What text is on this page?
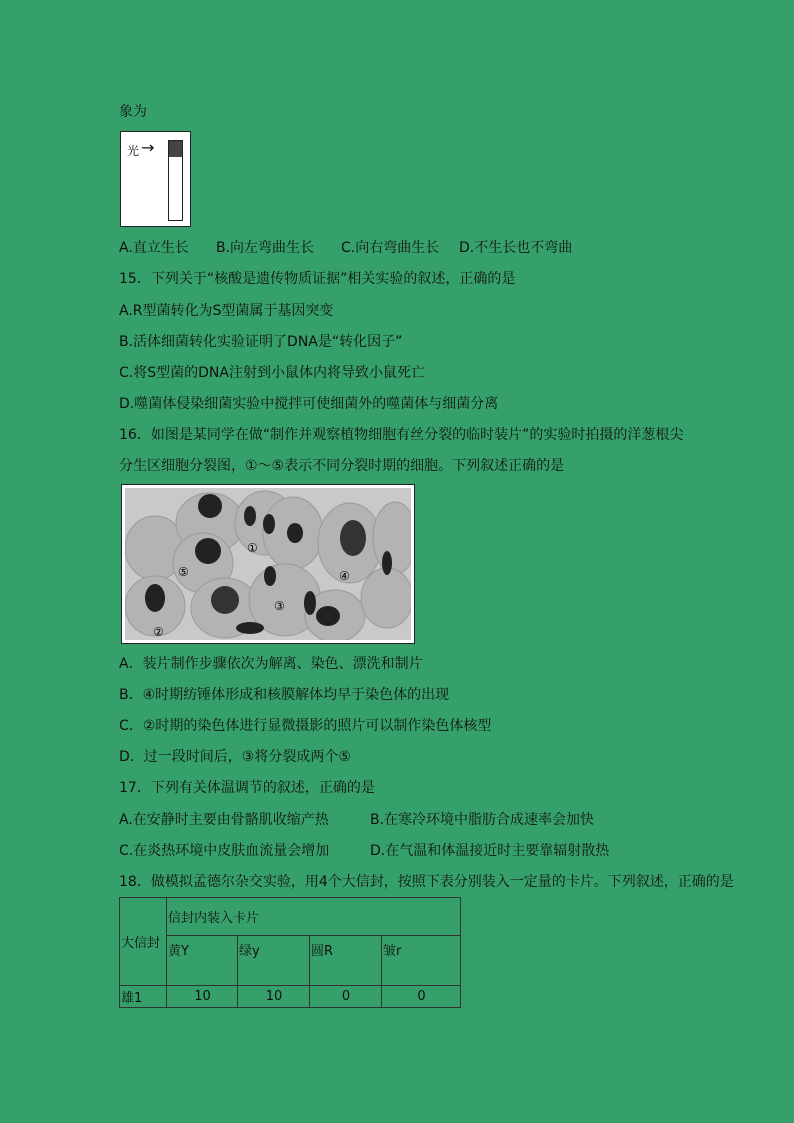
象为
光 →
A.直立生长 B.向左弯曲生长 C.向右弯曲生长 D.不生长也不弯曲
15．下列关于“核酸是遗传物质证据”相关实验的叙述，正确的是
A.R型菌转化为S型菌属于基因突变
B.活体细菌转化实验证明了DNA是“转化因子”
C.将S型菌的DNA注射到小鼠体内将导致小鼠死亡
D.噬菌体侵染细菌实验中搅拌可使细菌外的噬菌体与细菌分离
16．如图是某同学在做“制作并观察植物细胞有丝分裂的临时装片”的实验时拍摄的洋葱根尖
分生区细胞分裂图，①～⑤表示不同分裂时期的细胞。下列叙述正确的是
①
②
③
④
⑤
A．装片制作步骤依次为解离、染色、漂洗和制片
B．④时期纺锤体形成和核膜解体均早于染色体的出现
C．②时期的染色体进行显微摄影的照片可以制作染色体核型
D．过一段时间后，③将分裂成两个⑤
17．下列有关体温调节的叙述，正确的是
A.在安静时主要由骨骼肌收缩产热	B.在寒冷环境中脂肪合成速率会加快
C.在炎热环境中皮肤血流量会增加	D.在气温和体温接近时主要靠辐射散热
18．做模拟孟德尔杂交实验，用4个大信封，按照下表分别装入一定量的卡片。下列叙述，正确的是
大信封	信封内装入卡片			
	黄Y	绿y	圆R	皱r
雄1	10	10	0	0
